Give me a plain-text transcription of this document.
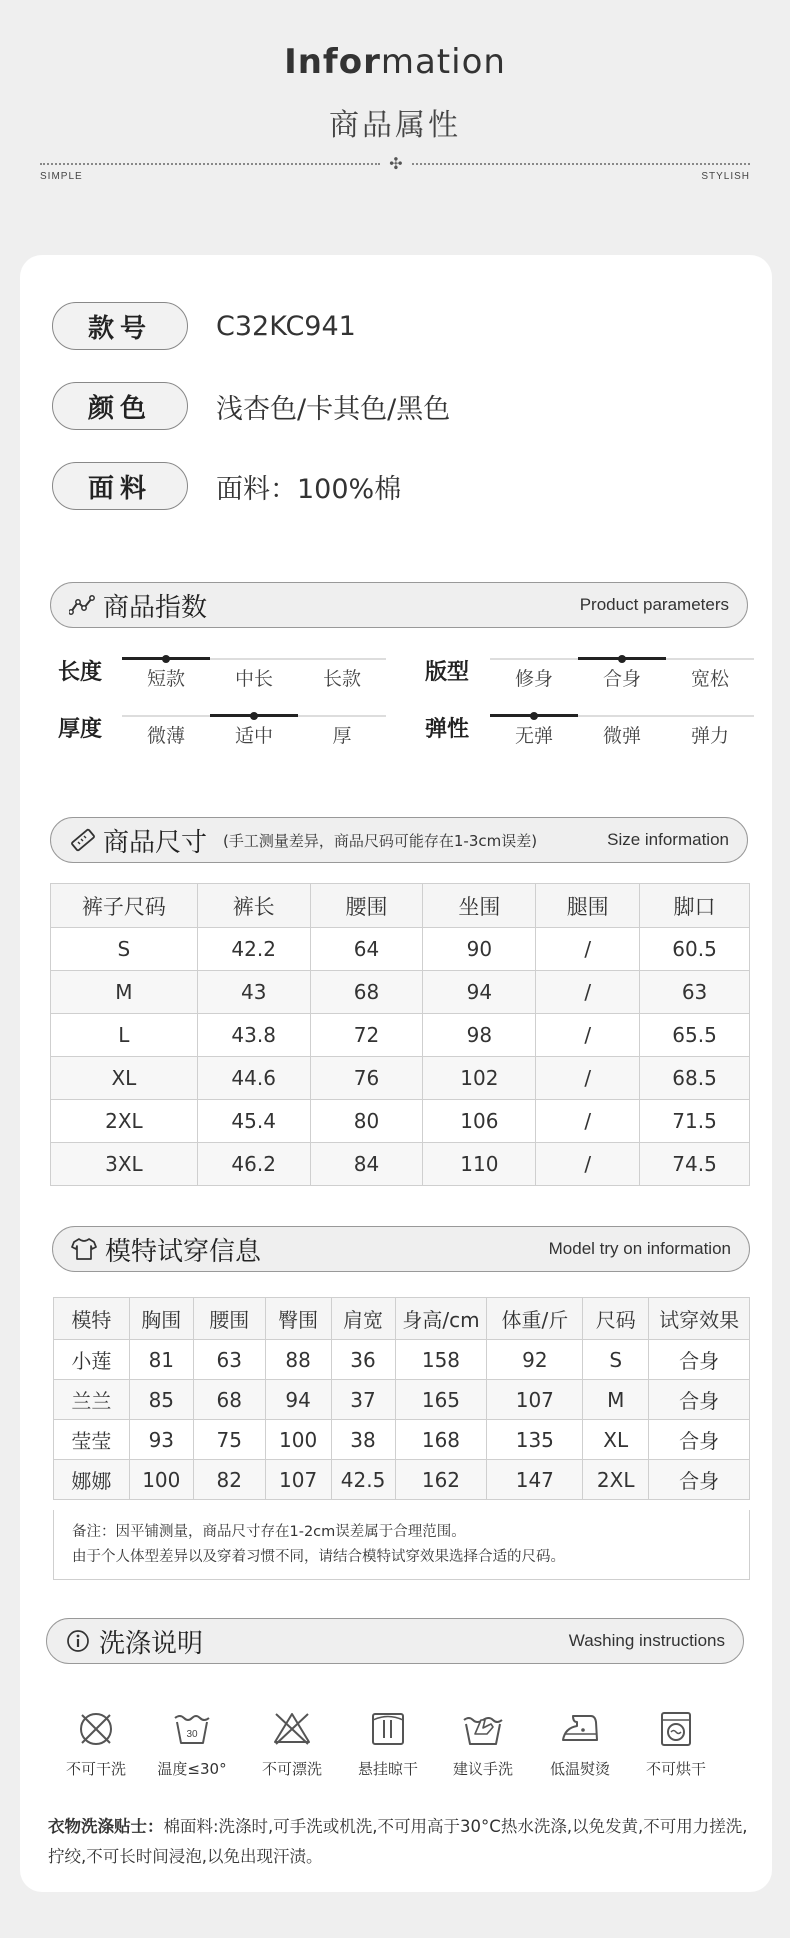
Information
商品属性
✣
SIMPLE	STYLISH
款号	C32KC941
颜色	浅杏色/卡其色/黑色
面料	面料：100%棉
商品指数	Product parameters
长度	短款	中长	长款	版型	修身	合身	宽松
厚度	微薄	适中	厚	弹性	无弹	微弹	弹力
商品尺寸 (手工测量差异，商品尺码可能存在1-3cm误差)	Size information
裤子尺码	裤长	腰围	坐围	腿围	脚口
S	42.2	64	90	/	60.5
M	43	68	94	/	63
L	43.8	72	98	/	65.5
XL	44.6	76	102	/	68.5
2XL	45.4	80	106	/	71.5
3XL	46.2	84	110	/	74.5
模特试穿信息	Model try on information
模特	胸围	腰围	臀围	肩宽	身高/cm	体重/斤	尺码	试穿效果
小莲	81	63	88	36	158	92	S	合身
兰兰	85	68	94	37	165	107	M	合身
莹莹	93	75	100	38	168	135	XL	合身
娜娜	100	82	107	42.5	162	147	2XL	合身
备注：因平铺测量，商品尺寸存在1-2cm误差属于合理范围。
由于个人体型差异以及穿着习惯不同，请结合模特试穿效果选择合适的尺码。
洗涤说明	Washing instructions
不可干洗
30
温度≤30°	不可漂洗	悬挂晾干	建议手洗	低温熨烫	不可烘干
衣物洗涤贴士：棉面料:洗涤时,可手洗或机洗,不可用高于30°C热水洗涤,以免发黄,不可用力搓洗,拧绞,不可长时间浸泡,以免出现汗渍。
